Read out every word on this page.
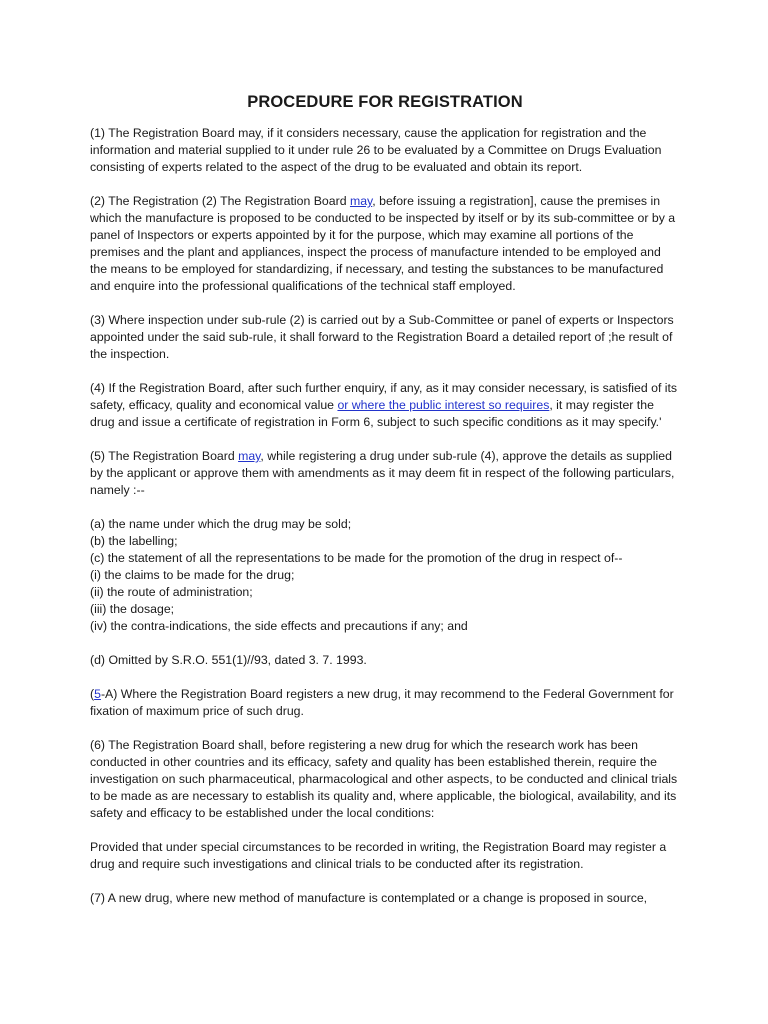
PROCEDURE FOR REGISTRATION

(1) The Registration Board may, if it considers necessary, cause the application for registration and the information and material supplied to it under rule 26 to be evaluated by a Committee on Drugs Evaluation consisting of experts related to the aspect of the drug to be evaluated and obtain its report.

(2) The Registration (2) The Registration Board may, before issuing a registration], cause the premises in which the manufacture is proposed to be conducted to be inspected by itself or by its sub-committee or by a panel of Inspectors or experts appointed by it for the purpose, which may examine all portions of the premises and the plant and appliances, inspect the process of manufacture intended to be employed and the means to be employed for standardizing, if necessary, and testing the substances to be manufactured and enquire into the professional qualifications of the technical staff employed.

(3) Where inspection under sub-rule (2) is carried out by a Sub-Committee or panel of experts or Inspectors appointed under the said sub-rule, it shall forward to the Registration Board a detailed report of ;he result of the inspection.

(4) If the Registration Board, after such further enquiry, if any, as it may consider necessary, is satisfied of its safety, efficacy, quality and economical value or where the public interest so requires, it may register the drug and issue a certificate of registration in Form 6, subject to such specific conditions as it may specify.'

(5) The Registration Board may, while registering a drug under sub-rule (4), approve the details as supplied by the applicant or approve them with amendments as it may deem fit in respect of the following particulars, namely :--

(a) the name under which the drug may be sold;

(b) the labelling;

(c) the statement of all the representations to be made for the promotion of the drug in respect of--

(i) the claims to be made for the drug;

(ii) the route of administration;

(iii) the dosage;

(iv) the contra-indications, the side effects and precautions if any; and

(d) Omitted by S.R.O. 551(1)//93, dated 3. 7. 1993.

(5-A) Where the Registration Board registers a new drug, it may recommend to the Federal Government for fixation of maximum price of such drug.

(6) The Registration Board shall, before registering a new drug for which the research work has been conducted in other countries and its efficacy, safety and quality has been established therein, require the investigation on such pharmaceutical, pharmacological and other aspects, to be conducted and clinical trials to be made as are necessary to establish its quality and, where applicable, the biological, availability, and its safety and efficacy to be established under the local conditions:

Provided that under special circumstances to be recorded in writing, the Registration Board may register a drug and require such investigations and clinical trials to be conducted after its registration.

(7) A new drug, where new method of manufacture is contemplated or a change is proposed in source,
